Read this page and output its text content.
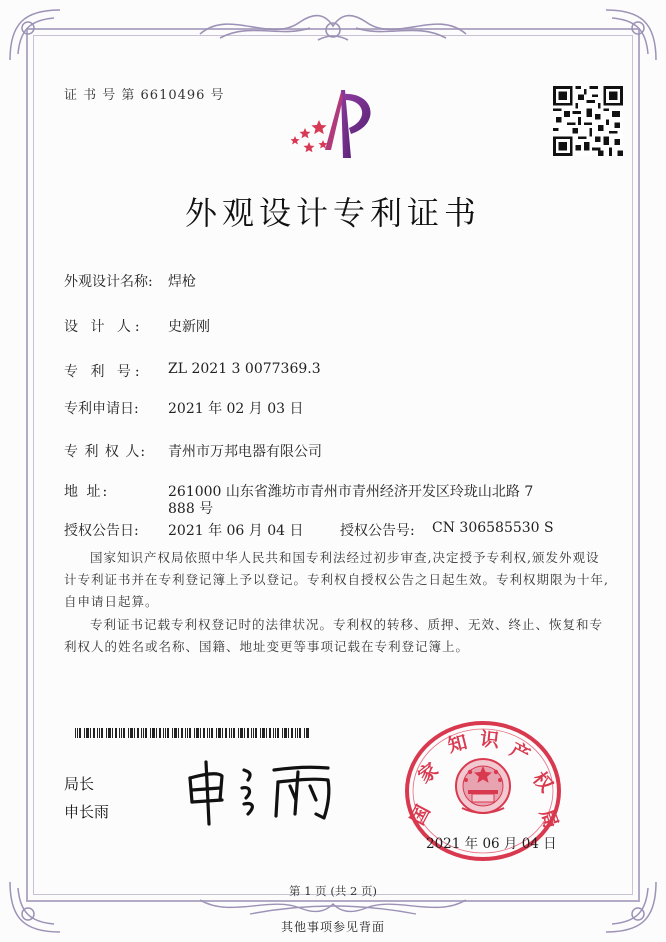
证 书 号 第 6610496 号
外观设计专利证书
外观设计名称: 焊枪
设 计 人: 史新刚
专 利 号: ZL 2021 3 0077369.3
专利申请日: 2021 年 02 月 03 日
专 利 权 人: 青州市万邦电器有限公司
地 址:	261000 山东省潍坊市青州市青州经济开发区玲珑山北路 7
888 号
授权公告日: 2021 年 06 月 04 日	授权公告号: CN 306585530 S
国家知识产权局依照中华人民共和国专利法经过初步审查,决定授予专利权,颁发外观设计专利证书并在专利登记簿上予以登记。专利权自授权公告之日起生效。专利权期限为十年,自申请日起算。
专利证书记载专利权登记时的法律状况。专利权的转移、质押、无效、终止、恢复和专利权人的姓名或名称、国籍、地址变更等事项记载在专利登记簿上。
局长
申长雨	国
家
知 识 产
权
局
2021 年 06 月 04 日
第 1 页 (共 2 页)
其他事项参见背面
